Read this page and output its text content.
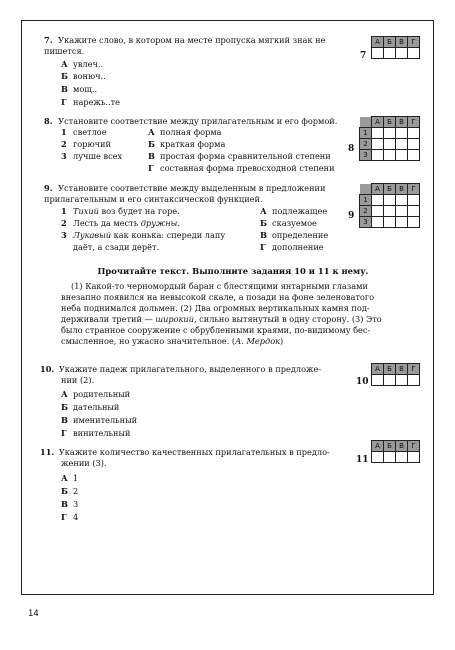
7. Укажите слово, в котором на месте пропуска мягкий знак не пишется.
А увлеч..
Б вонюч..
В мощ..
Г нарежь..те
7
А	Б	В	Г

8. Установите соответствие между прилагательным и его формой.
1 светлое
2 горючий
3 лучше всех
А полная форма
Б краткая форма
В простая форма сравнительной степени
Г составная форма превосходной степени
8
	А	Б	В	Г
1				
2				
3				
9. Установите соответствие между выделенным в предложении прилагательным и его синтаксической функцией.
1 Тихий воз будет на горе.
2 Лесть да месть дружны.
3 Лукавый как конька: спереди лапу
даёт, а сзади дерёт.
А подлежащее
Б сказуемое
В определение
Г дополнение
9
	А	Б	В	Г
1				
2				
3				
Прочитайте текст. Выполните задания 10 и 11 к нему.
(1) Какой-то черномордый баран с блестящими янтарными глазами
внезапно появился на невысокой скале, а позади на фоне зеленоватого
неба поднимался дольмен. (2) Два огромных вертикальных камня под-
держивали третий — широкий, сильно вытянутый в одну сторону. (3) Это
было странное сооружение с обрубленными краями, по-видимому бес-
смысленное, но ужасно значительное. (А. Мердок)
10. Укажите падеж прилагательного, выделенного в предложе-
нии (2).
А родительный
Б дательный
В именительный
Г винительный
10
А	Б	В	Г

11. Укажите количество качественных прилагательных в предло-
жении (3).
А 1
Б 2
В 3
Г 4
11
А	Б	В	Г

14
